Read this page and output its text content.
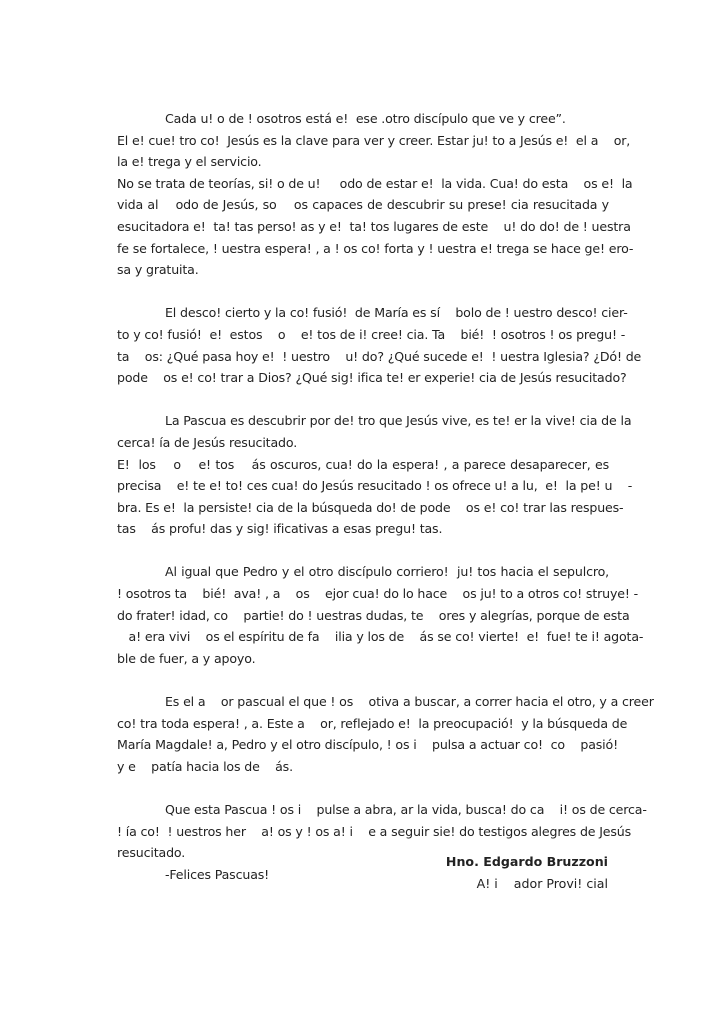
Cada u! o de ! osotros está e!  ese .otro discípulo que ve y cree”.
El e! cue! tro co!  Jesús es la clave para ver y creer. Estar ju! to a Jesús e!  el a    or,
la e! trega y el servicio.
No se trata de teorías, si! o de u!     odo de estar e!  la vida. Cua! do esta    os e!  la
vida al    odo de Jesús, so    os capaces de descubrir su prese! cia resucitada y
esucitadora e!  ta! tas perso! as y e!  ta! tos lugares de este    u! do do! de ! uestra
fe se fortalece, ! uestra espera! , a ! os co! forta y ! uestra e! trega se hace ge! ero-
sa y gratuita.
El desco! cierto y la co! fusió!  de María es sí    bolo de ! uestro desco! cier-
to y co! fusió!  e!  estos    o    e! tos de i! cree! cia. Ta    bié!  ! osotros ! os pregu! -
ta    os: ¿Qué pasa hoy e!  ! uestro    u! do? ¿Qué sucede e!  ! uestra Iglesia? ¿Dó! de
pode    os e! co! trar a Dios? ¿Qué sig! ifica te! er experie! cia de Jesús resucitado?
La Pascua es descubrir por de! tro que Jesús vive, es te! er la vive! cia de la
cerca! ía de Jesús resucitado.
E!  los    o    e! tos    ás oscuros, cua! do la espera! , a parece desaparecer, es
precisa    e! te e! to! ces cua! do Jesús resucitado ! os ofrece u! a lu,  e!  la pe! u    -
bra. Es e!  la persiste! cia de la búsqueda do! de pode    os e! co! trar las respues-
tas    ás profu! das y sig! ificativas a esas pregu! tas.
Al igual que Pedro y el otro discípulo corriero!  ju! tos hacia el sepulcro,
! osotros ta    bié!  ava! , a    os    ejor cua! do lo hace    os ju! to a otros co! struye! -
do frater! idad, co    partie! do ! uestras dudas, te    ores y alegrías, porque de esta
a! era vivi    os el espíritu de fa    ilia y los de    ás se co! vierte!  e!  fue! te i! agota-
ble de fuer, a y apoyo.
Es el a    or pascual el que ! os    otiva a buscar, a correr hacia el otro, y a creer
co! tra toda espera! , a. Este a    or, reflejado e!  la preocupació!  y la búsqueda de
María Magdale! a, Pedro y el otro discípulo, ! os i    pulsa a actuar co!  co    pasió!
y e    patía hacia los de    ás.
Que esta Pascua ! os i    pulse a abra, ar la vida, busca! do ca    i! os de cerca-
! ía co!  ! uestros her    a! os y ! os a! i    e a seguir sie! do testigos alegres de Jesús
resucitado.
-Felices Pascuas!
Hno. Edgardo Bruzzoni
A! i    ador Provi! cial
